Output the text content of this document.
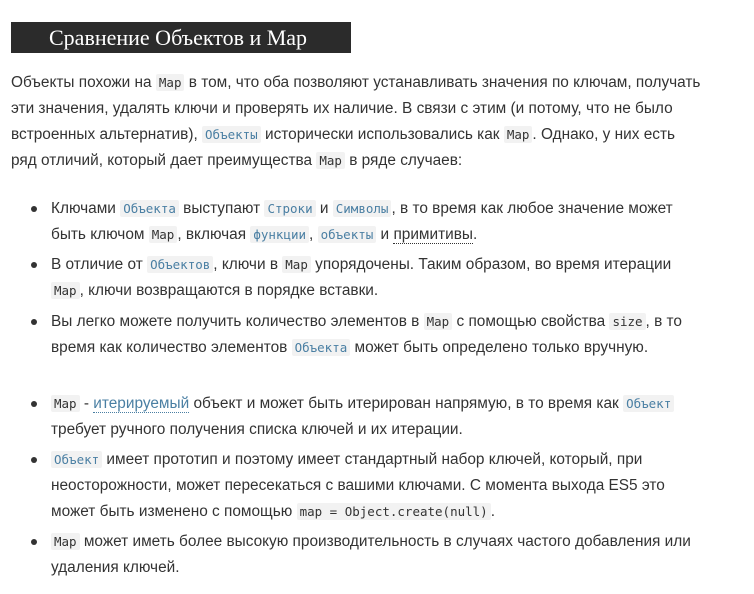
Сравнение Объектов и Map

Объекты похожи на Map в том, что оба позволяют устанавливать значения по ключам, получать эти значения, удалять ключи и проверять их наличие. В связи с этим (и потому, что не было встроенных альтернатив), Объекты исторически использовались как Map . Однако, у них есть ряд отличий, который дает преимущества Map в ряде случаев:

Ключами Объекта выступают Строки и Символы , в то время как любое значение может быть ключом Map , включая функции , объекты и примитивы.
В отличие от Объектов , ключи в Map упорядочены. Таким образом, во время итерации Map , ключи возвращаются в порядке вставки.
Вы легко можете получить количество элементов в Map с помощью свойства size , в то время как количество элементов Объекта может быть определено только вручную.
Map - итерируемый объект и может быть итерирован напрямую, в то время как Объект требует ручного получения списка ключей и их итерации.
Объект имеет прототип и поэтому имеет стандартный набор ключей, который, при неосторожности, может пересекаться с вашими ключами. С момента выхода ES5 это может быть изменено с помощью map = Object.create(null) .
Map может иметь более высокую производительность в случаях частого добавления или удаления ключей.
